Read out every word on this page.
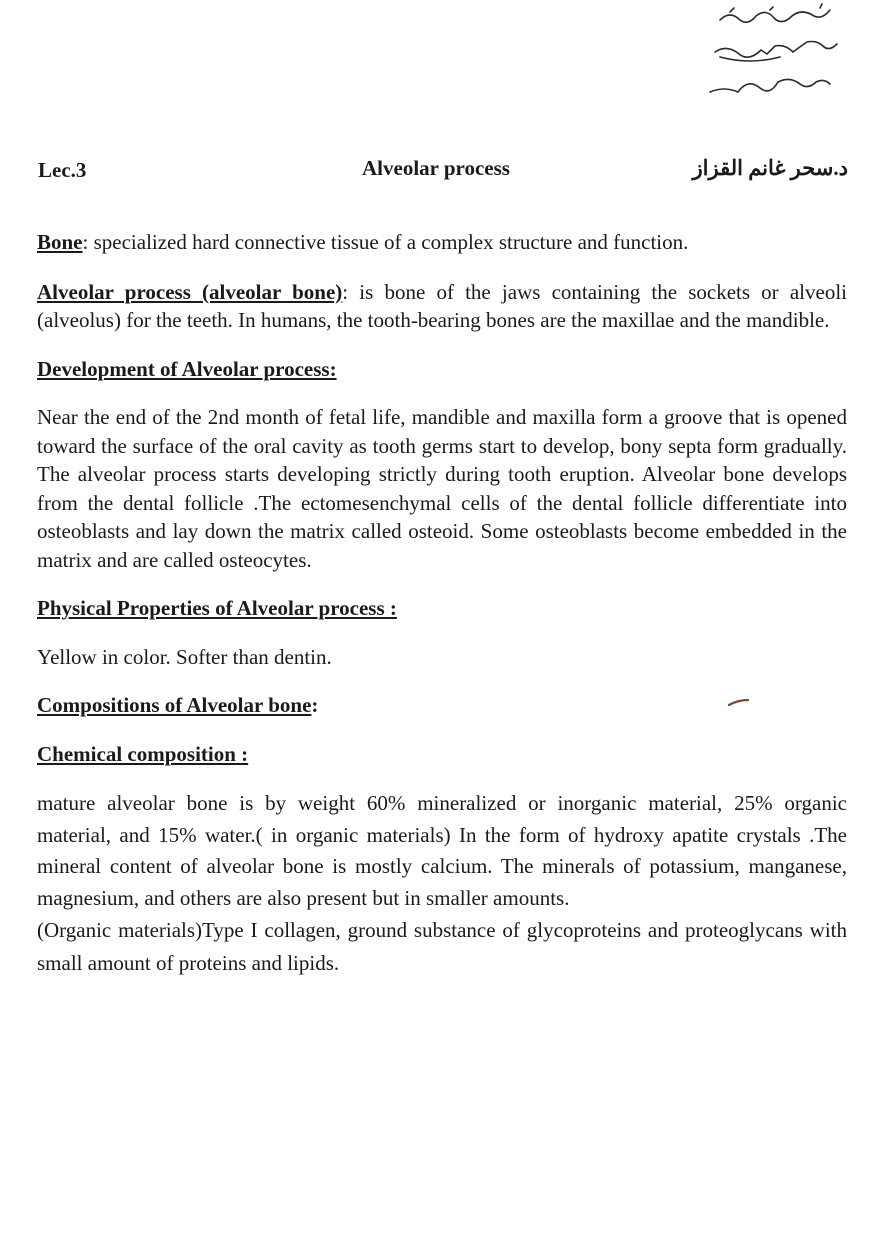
Lec.3	Alveolar process	د.سحر غانم القزاز

Bone: specialized hard connective tissue of a complex structure and function.

Alveolar process (alveolar bone): is bone of the jaws containing the sockets or alveoli (alveolus) for the teeth. In humans, the tooth-bearing bones are the maxillae and the mandible.

Development of Alveolar process:

Near the end of the 2nd month of fetal life, mandible and maxilla form a groove that is opened toward the surface of the oral cavity as tooth germs start to develop, bony septa form gradually. The alveolar process starts developing strictly during tooth eruption. Alveolar bone develops from the dental follicle .The ectomesenchymal cells of the dental follicle differentiate into osteoblasts and lay down the matrix called osteoid. Some osteoblasts become embedded in the matrix and are called osteocytes.

Physical Properties of Alveolar process :

Yellow in color. Softer than dentin.

Compositions of Alveolar bone:

Chemical composition :

mature alveolar bone is by weight 60% mineralized or inorganic material, 25% organic material, and 15% water.( in organic materials) In the form of hydroxy apatite crystals .The mineral content of alveolar bone is mostly calcium. The minerals of potassium, manganese, magnesium, and others are also present but in smaller amounts.

(Organic materials)Type I collagen, ground substance of glycoproteins and proteoglycans with small amount of proteins and lipids.
